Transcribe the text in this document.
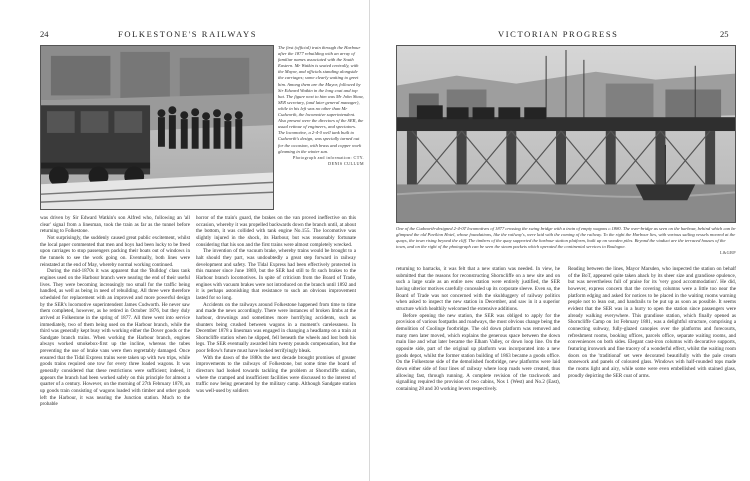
24	FOLKESTONE'S RAILWAYS

The first (official) train through the Harbour after the 1877 rebuilding with an array of familiar names associated with the South Eastern. Mr Watkin is seated centrally, with the Mayor, and officials standing alongside the carriages; some clearly waiting to greet him. Among them are the Mayor, followed by Sir Edward Watkin in the long coat and top hat. The figure next to him was Mr John Shaw, SER secretary, (and later general manager), while in his left was no other than Mr Cudworth, the locomotive superintendent. Also present were the directors of the SER, the usual retinue of engineers, and spectators. The locomotive, a 2-4-0 well tank built to Cudworth's design, was specially turned out for the occasion, with brass and copper work gleaming in the winter sun.

Photograph and information: CTY. DENIS CULLUM

was driven by Sir Edward Watkin's son Alfred who, following an 'all clear' signal from a linesman, took the train as far as the tunnel before returning to Folkestone.

Not surprisingly, the suddenly caused great public excitement, whilst the local paper commented that men and boys had been lucky to be freed upon carriages to stop passengers packing their boats out of windows in the tunnels to see the work going on. Eventually, both lines were reinstated at the end of May, whereby normal working continued.

During the mid-1870s it was apparent that the 'Bulldog' class tank engines used on the Harbour branch were nearing the end of their useful lives. They were becoming increasingly too small for the traffic being handled, as well as being in need of rebuilding. All three were therefore scheduled for replacement with an improved and more powerful design by the SER's locomotive superintendent James Cudworth. He never saw them completed, however, as he retired in October 1876, but they duly arrived at Folkestone in the spring of 1877. All three went into service immediately, two of them being used on the Harbour branch, while the third was generally kept busy with working either the Dover goods or the Sandgate branch trains. When working the Harbour branch, engines always worked smokebox-first up the incline, whereas the tubes preventing the use of brake vans were then regrettably damaged. Once ensured that the Tidal Express trains were taken up with two trips, while goods trains required one tow for every three loaded wagons. It was generally considered that these restrictions were sufficient; indeed, it appears the branch had been worked safely on this principle for almost a quarter of a century. However, on the morning of 27th February 1878, an up goods train consisting of wagons loaded with timber and other goods left the Harbour, it was nearing the Junction station. Much to the probable

horror of the train's guard, the brakes on the van proved ineffective on this occasion, whereby it was propelled backwards down the branch until, at about the bottom, it was collided with tank engine No.155. The locomotive was slightly injured in the shock, its Harbour, but was reasonably fortunate considering that his son and the first trains were almost completely wrecked.

The invention of the vacuum brake, whereby trains would be brought to a halt should they part, was undoubtedly a great step forward in railway development and safety. The Tidal Express had been effectively protected in this manner since June 1869, but the SER had still to fit such brakes to the Harbour branch locomotives. In spite of criticism from the Board of Trade, engines with vacuum brakes were not introduced on the branch until 1892 and it is perhaps astonishing that resistance to such an obvious improvement lasted for so long.

Accidents on the railways around Folkestone happened from time to time and made the news accordingly. There were instances of broken limbs at the harbour, drownings and sometimes more horrifying accidents, such as shunters being crushed between wagons in a moment's carelessness. In December 1878 a linesman was engaged in changing a headlamp on a train at Shorncliffe station when he slipped, fell beneath the wheels and lost both his legs. The SER eventually awarded him twenty pounds compensation, but the poor fellow's future must have looked terrifyingly bleak.

With the dawn of the 1880s the next decade brought promises of greater improvements to the railways of Folkestone, but some time the board of directors had looked towards tackling the problem at Shorncliffe station, where the cramped and insufficient facilities were discussed to the interest of traffic now being generated by the military camp. Although Sandgate station was well-used by soldiers

VICTORIAN PROGRESS	25

One of the Cudworth-designed 2-4-0T locomotives of 1877 crossing the swing bridge with a train of empty wagons c.1880. The over-bridge as seen on the harbour, behind which can be glimpsed the old Pavilion Hotel, whose foundations, like the railway's, were laid with the coming of the railway. To the right the Harbour lies, with various sailing vessels moored at the quays, the town rising beyond the cliff. The timbers of the quay supported the harbour station platform, built up on wooden piles. Beyond the viaduct are the terraced houses of the town, and on the right of the photograph can be seen the steam packets which operated the continental services to Boulogne.

L&GRP

returning to barracks, it was felt that a new station was needed. In view, he submitted that the reasons for reconstructing Shorncliffe on a new site and on such a large scale as an entire new station were entirely justified, the SER having ulterior motives carefully concealed up its corporate sleeve. Even so, the Board of Trade was not concerned with the skulduggery of railway politics when asked to inspect the new station in December, and saw in it a superior structure which healthily welcomed the extensive additions.

Before opening the new station, the SER was obliged to apply for the provision of various footpaths and roadways, the most obvious change being the demolition of Coolinge footbridge. The old down platform was removed and many men later moved, which explains the generous space between the down main line and what later became the Elham Valley, or down loop line. On the opposite side, part of the original up platform was incorporated into a new goods depot, whilst the former station building of 1863 became a goods office. On the Folkestone side of the demolished footbridge, new platforms were laid down either side of four lines of railway where loop roads were created, thus allowing fast, through running. A complete revision of the trackwork and signalling required the provision of two cabins, Nos 1 (West) and No.2 (East), containing 28 and 30 working levers respectively.

Reading between the lines, Mayor Marsden, who inspected the station on behalf of the BoT, appeared quite taken aback by its sheer size and grandiose opulence, but was nevertheless full of praise for its 'very good accommodation'. He did, however, express concern that the covering columns were a little too near the platform edging and asked for notices to be placed in the waiting rooms warning people not to lean out, and handrails to be put up as soon as possible. It seems evident that the SER was in a hurry to open the station since passengers were already walking everywhere. This grandiose station, which finally opened as Shorncliffe Camp on 1st February 1881, was a delightful structure, comprising a connecting subway, fully-glazed canopies over the platforms and forecourts, refreshment rooms, booking offices, parcels office, separate waiting rooms, and conveniences on both sides. Elegant cast-iron columns with decorative supports, featuring ironwork and fine tracery of a wonderful effect, whilst the waiting room doors on the 'traditional' set were decorated beautifully with the pale cream stonework and panels of coloured glass. Windows with half-rounded tops made the rooms light and airy, while some were even embellished with stained glass, proudly depicting the SER coat of arms.
